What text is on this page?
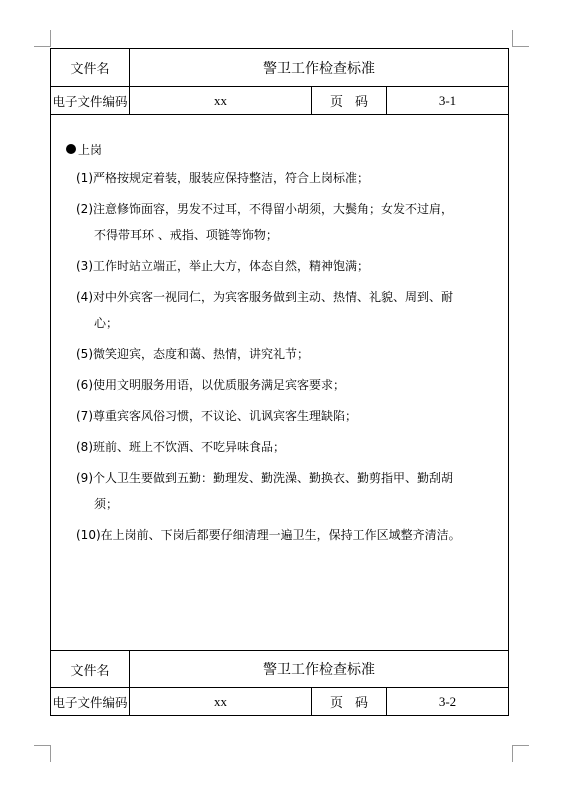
文件名	警卫工作检查标准		
电子文件编码	xx	页码	3-1
上岗
(1) 严格按规定着装，服装应保持整洁，符合上岗标准；
(2) 注意修饰面容，男发不过耳，不得留小胡须，大鬓角；女发不过肩，
不得带耳环 、戒指、项链等饰物；
(3) 工作时站立端正，举止大方，体态自然，精神饱满；
(4) 对中外宾客一视同仁，为宾客服务做到主动、热情、礼貌、周到、耐
心；
(5) 微笑迎宾，态度和蔼、热情，讲究礼节；
(6) 使用文明服务用语，以优质服务满足宾客要求；
(7) 尊重宾客风俗习惯，不议论、讥讽宾客生理缺陷；
(8) 班前、班上不饮酒、不吃异味食品；
(9) 个人卫生要做到五勤：勤理发、勤洗澡、勤换衣、勤剪指甲、勤刮胡
须；
(10) 在上岗前、下岗后都要仔细清理一遍卫生，保持工作区域整齐清洁。
文件名	警卫工作检查标准		
电子文件编码	xx	页码	3-2
